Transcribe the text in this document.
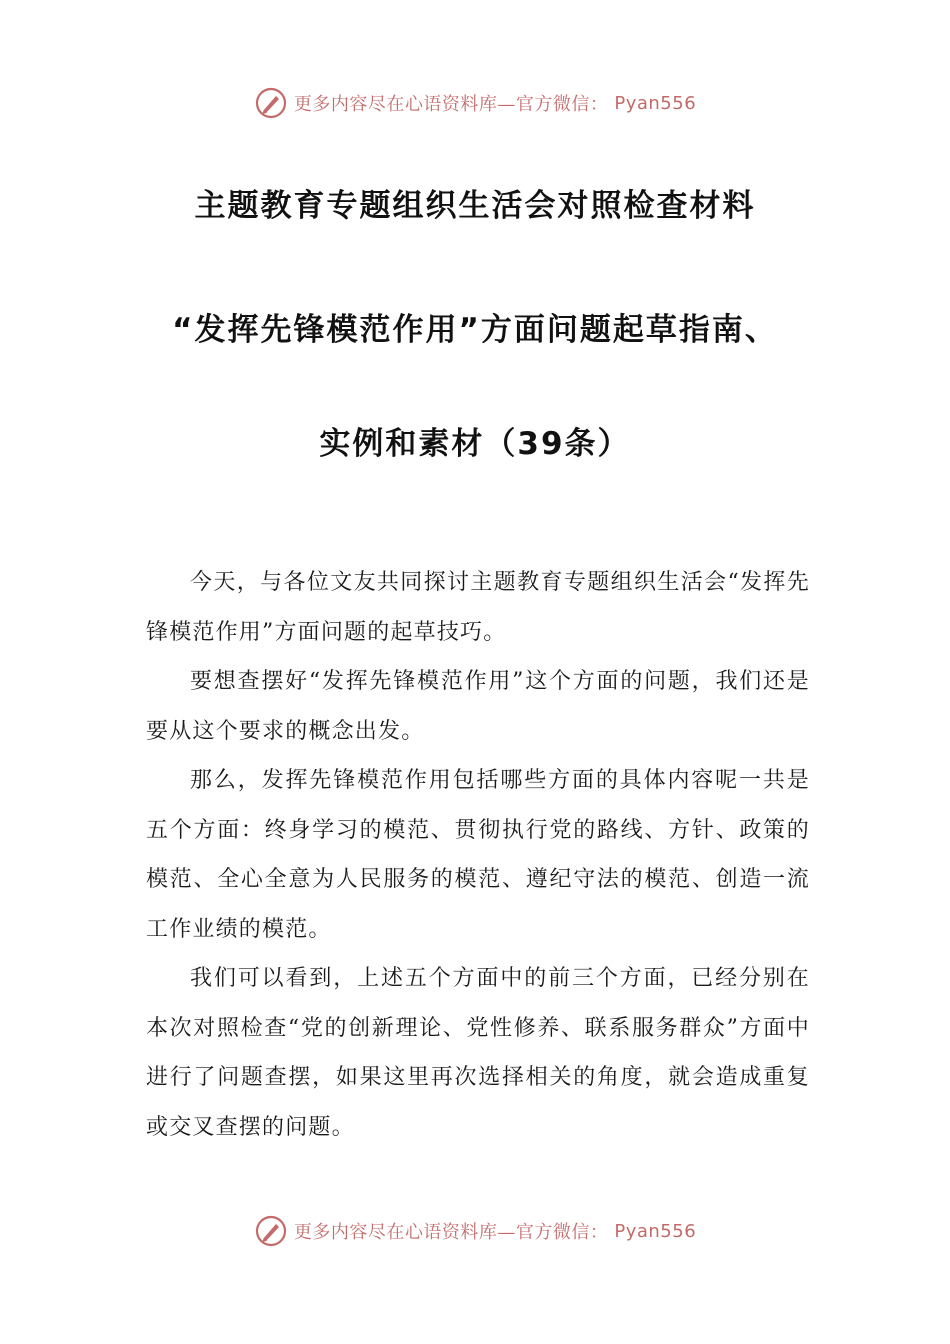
更多内容尽在心语资料库—官方微信： Pyan556
主题教育专题组织生活会对照检查材料
“发挥先锋模范作用”方面问题起草指南、
实例和素材（39条）

今天，与各位文友共同探讨主题教育专题组织生活会“发挥先锋模范作用”方面问题的起草技巧。

要想查摆好“发挥先锋模范作用”这个方面的问题，我们还是要从这个要求的概念出发。

那么，发挥先锋模范作用包括哪些方面的具体内容呢一共是五个方面：终身学习的模范、贯彻执行党的路线、方针、政策的模范、全心全意为人民服务的模范、遵纪守法的模范、创造一流工作业绩的模范。

我们可以看到，上述五个方面中的前三个方面，已经分别在本次对照检查“党的创新理论、党性修养、联系服务群众”方面中进行了问题查摆，如果这里再次选择相关的角度，就会造成重复或交叉查摆的问题。

更多内容尽在心语资料库—官方微信： Pyan556
